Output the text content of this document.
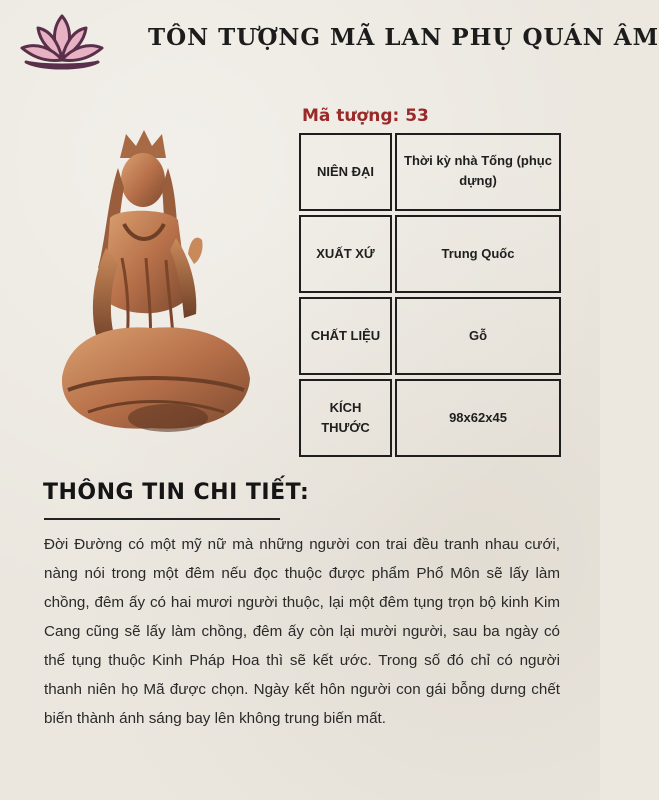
TÔN TƯỢNG MÃ LAN PHỤ QUÁN ÂM
Mã tượng: 53
NIÊN ĐẠI
Thời kỳ nhà Tống (phục dựng)
XUẤT XỨ	Trung Quốc
CHẤT LIỆU	Gỗ
KÍCH THƯỚC
98x62x45
THÔNG TIN CHI TIẾT:
Đời Đường có một mỹ nữ mà những người con trai đều tranh nhau cưới, nàng nói trong một đêm nếu đọc thuộc được phẩm Phổ Môn sẽ lấy làm chồng, đêm ấy có hai mươi người thuộc, lại một đêm tụng trọn bộ kinh Kim Cang cũng sẽ lấy làm chồng, đêm ấy còn lại mười người, sau ba ngày có thể tụng thuộc Kinh Pháp Hoa thì sẽ kết ước. Trong số đó chỉ có người thanh niên họ Mã được chọn. Ngày kết hôn người con gái bỗng dưng chết biến thành ánh sáng bay lên không trung biến mất.
